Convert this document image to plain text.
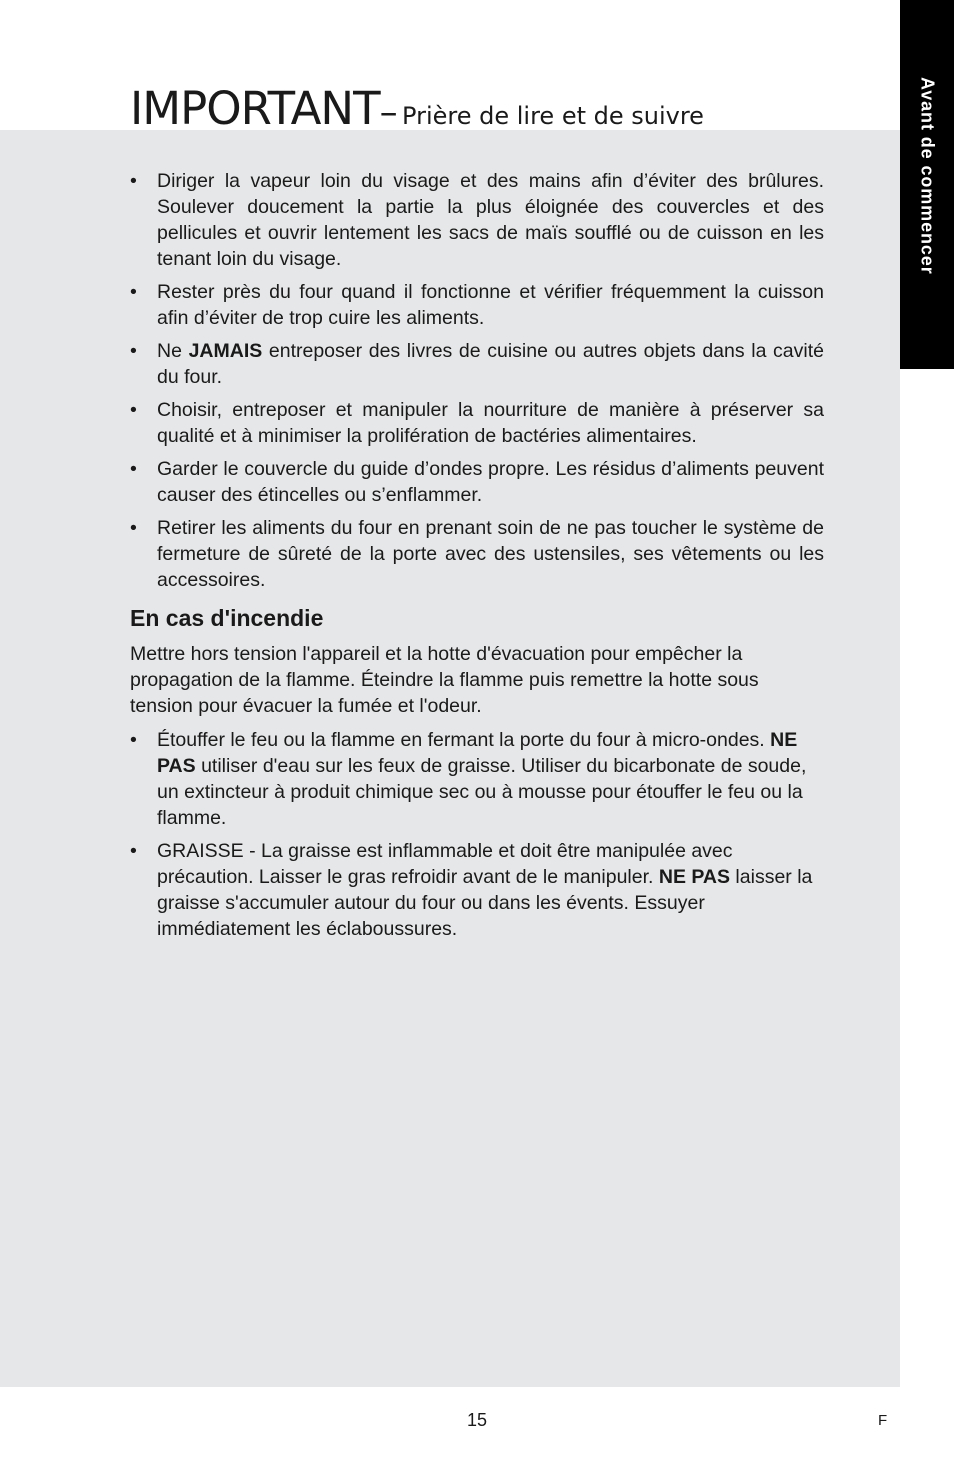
Avant de commencer
IMPORTANT– Prière de lire et de suivre
• Diriger la vapeur loin du visage et des mains afin d’éviter des brûlures. Soulever doucement la partie la plus éloignée des couvercles et des pellicules et ouvrir lentement les sacs de maïs soufflé ou de cuisson en les tenant loin du visage.
• Rester près du four quand il fonctionne et vérifier fréquemment la cuisson afin d’éviter de trop cuire les aliments.
• Ne JAMAIS entreposer des livres de cuisine ou autres objets dans la cavité du four.
• Choisir, entreposer et manipuler la nourriture de manière à préserver sa qualité et à minimiser la prolifération de bactéries alimentaires.
• Garder le couvercle du guide d’ondes propre. Les résidus d’aliments peuvent causer des étincelles ou s’enflammer.
• Retirer les aliments du four en prenant soin de ne pas toucher le système de fermeture de sûreté de la porte avec des ustensiles, ses vêtements ou les accessoires.
En cas d'incendie

Mettre hors tension l'appareil et la hotte d'évacuation pour empêcher la propagation de la flamme. Éteindre la flamme puis remettre la hotte sous tension pour évacuer la fumée et l'odeur.

• Étouffer le feu ou la flamme en fermant la porte du four à micro-ondes. NE PAS utiliser d'eau sur les feux de graisse. Utiliser du bicarbonate de soude, un extincteur à produit chimique sec ou à mousse pour étouffer le feu ou la flamme.
• GRAISSE - La graisse est inflammable et doit être manipulée avec précaution. Laisser le gras refroidir avant de le manipuler. NE PAS laisser la graisse s'accumuler autour du four ou dans les évents. Essuyer immédiatement les éclaboussures.
15	F
